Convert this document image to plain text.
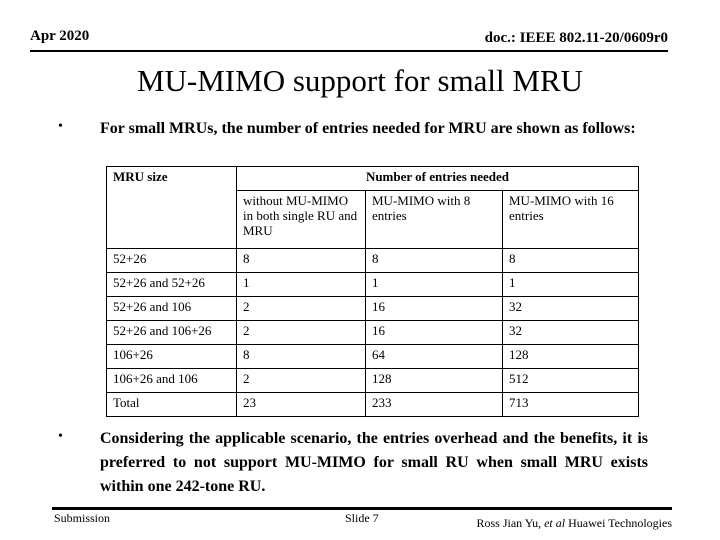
Apr 2020	doc.: IEEE 802.11-20/0609r0
MU-MIMO support for small MRU
• For small MRUs, the number of entries needed for MRU are shown as follows:
MRU size	Number of entries needed		
	without MU-MIMO in both single RU and MRU	MU-MIMO with 8 entries	MU-MIMO with 16 entries
52+26	8	8	8
52+26 and 52+26	1	1	1
52+26 and 106	2	16	32
52+26 and 106+26	2	16	32
106+26	8	64	128
106+26 and 106	2	128	512
Total	23	233	713
• Considering the applicable scenario, the entries overhead and the benefits, it is preferred to not support MU-MIMO for small RU when small MRU exists within one 242-tone RU.
Submission	Slide 7	Ross Jian Yu, et al Huawei Technologies
